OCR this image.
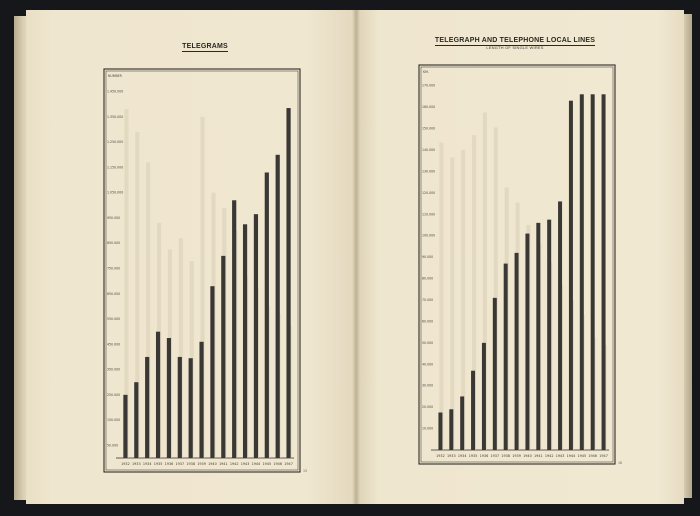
TELEGRAMS
TELEGRAPH AND TELEPHONE LOCAL LINES
LENGTH OF SINGLE WIRES
NUMBER
50.000
150.000
250.000
350.000
450.000
550.000
650.000
750.000
850.000
950.000
1.050.000
1.150.000
1.250.000
1.350.000
1.450.000
1932 1933 1934 1935 1936 1937 1938 1939 1940 1941 1942 1943 1944 1945 1946 1947
15
KM.
10.000
20.000
30.000
40.000
50.000
60.000
70.000
80.000
90.000
100.000
110.000
120.000
130.000
140.000
150.000
160.000
170.000
1932 1933 1934 1935 1936 1937 1938 1939 1940 1941 1942 1943 1944 1945 1946 1947
16
